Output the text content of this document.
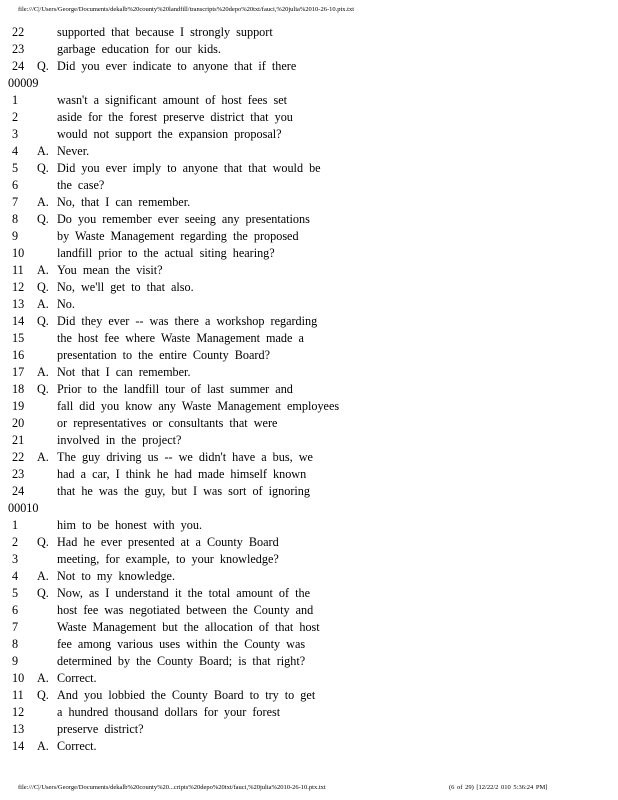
file:///C|/Users/George/Documents/dekalb%20county%20landfill/transcripts%20depo%20txt/fauci,%20julia%2010-26-10.ptx.txt
22	supported that because I strongly support
23	garbage education for our kids.
24	Q. Did you ever indicate to anyone that if there
00009
1	wasn't a significant amount of host fees set
2	aside for the forest preserve district that you
3	would not support the expansion proposal?
4	A. Never.
5	Q. Did you ever imply to anyone that that would be
6	the case?
7	A. No, that I can remember.
8	Q. Do you remember ever seeing any presentations
9	by Waste Management regarding the proposed
10	landfill prior to the actual siting hearing?
11	A. You mean the visit?
12	Q. No, we'll get to that also.
13	A. No.
14	Q. Did they ever -- was there a workshop regarding
15	the host fee where Waste Management made a
16	presentation to the entire County Board?
17	A. Not that I can remember.
18	Q. Prior to the landfill tour of last summer and
19	fall did you know any Waste Management employees
20	or representatives or consultants that were
21	involved in the project?
22	A. The guy driving us -- we didn't have a bus, we
23	had a car, I think he had made himself known
24	that he was the guy, but I was sort of ignoring
00010
1	him to be honest with you.
2	Q. Had he ever presented at a County Board
3	meeting, for example, to your knowledge?
4	A. Not to my knowledge.
5	Q. Now, as I understand it the total amount of the
6	host fee was negotiated between the County and
7	Waste Management but the allocation of that host
8	fee among various uses within the County was
9	determined by the County Board; is that right?
10	A. Correct.
11	Q. And you lobbied the County Board to try to get
12	a hundred thousand dollars for your forest
13	preserve district?
14	A. Correct.
file:///C|/Users/George/Documents/dekalb%20county%20...cripts%20depo%20txt/fauci,%20julia%2010-26-10.ptx.txt	(6 of 29) [12/22/2 010 5:36:24 PM]
